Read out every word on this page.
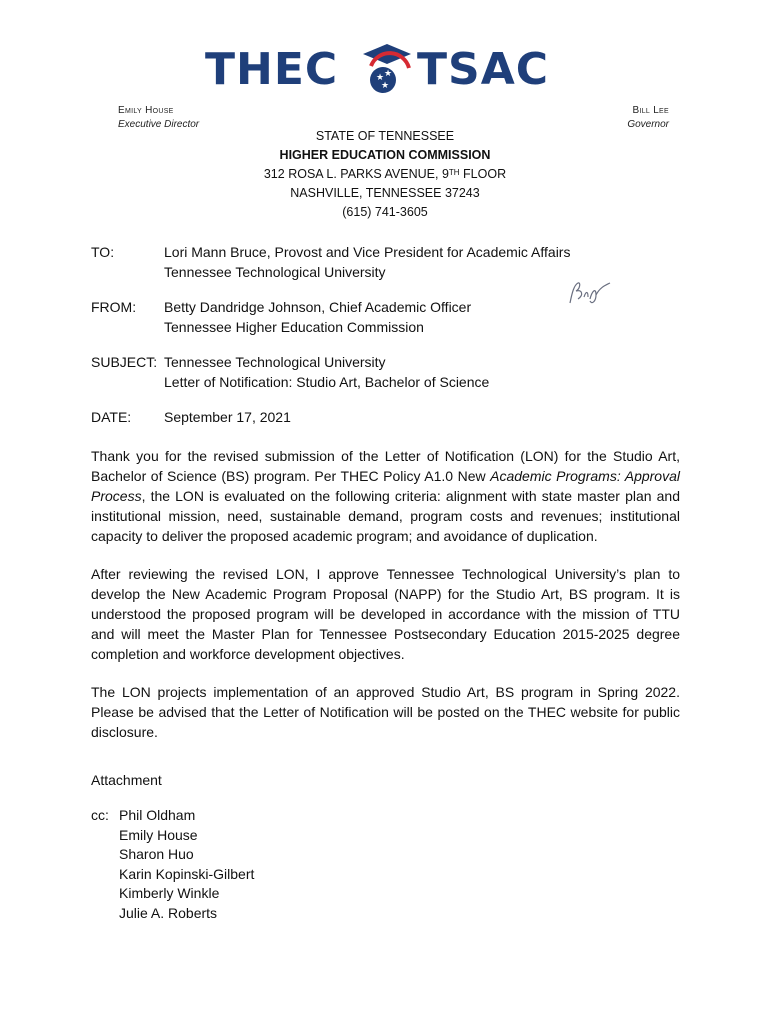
THEC	★ ★
★ TSAC
Emily House
Executive Director
Bill Lee
Governor
STATE OF TENNESSEE
HIGHER EDUCATION COMMISSION
312 ROSA L. PARKS AVENUE, 9TH FLOOR
NASHVILLE, TENNESSEE 37243
(615) 741-3605
TO:	Lori Mann Bruce, Provost and Vice President for Academic Affairs
Tennessee Technological University
FROM:	Betty Dandridge Johnson, Chief Academic Officer
Tennessee Higher Education Commission
SUBJECT: Tennessee Technological University
Letter of Notification: Studio Art, Bachelor of Science
DATE:	September 17, 2021

Thank you for the revised submission of the Letter of Notification (LON) for the Studio Art, Bachelor of Science (BS) program. Per THEC Policy A1.0 New Academic Programs: Approval Process, the LON is evaluated on the following criteria: alignment with state master plan and institutional mission, need, sustainable demand, program costs and revenues; institutional capacity to deliver the proposed academic program; and avoidance of duplication.

After reviewing the revised LON, I approve Tennessee Technological University’s plan to develop the New Academic Program Proposal (NAPP) for the Studio Art, BS program. It is understood the proposed program will be developed in accordance with the mission of TTU and will meet the Master Plan for Tennessee Postsecondary Education 2015-2025 degree completion and workforce development objectives.

The LON projects implementation of an approved Studio Art, BS program in Spring 2022. Please be advised that the Letter of Notification will be posted on the THEC website for public disclosure.

Attachment
cc: Phil Oldham
Emily House
Sharon Huo
Karin Kopinski-Gilbert
Kimberly Winkle
Julie A. Roberts
